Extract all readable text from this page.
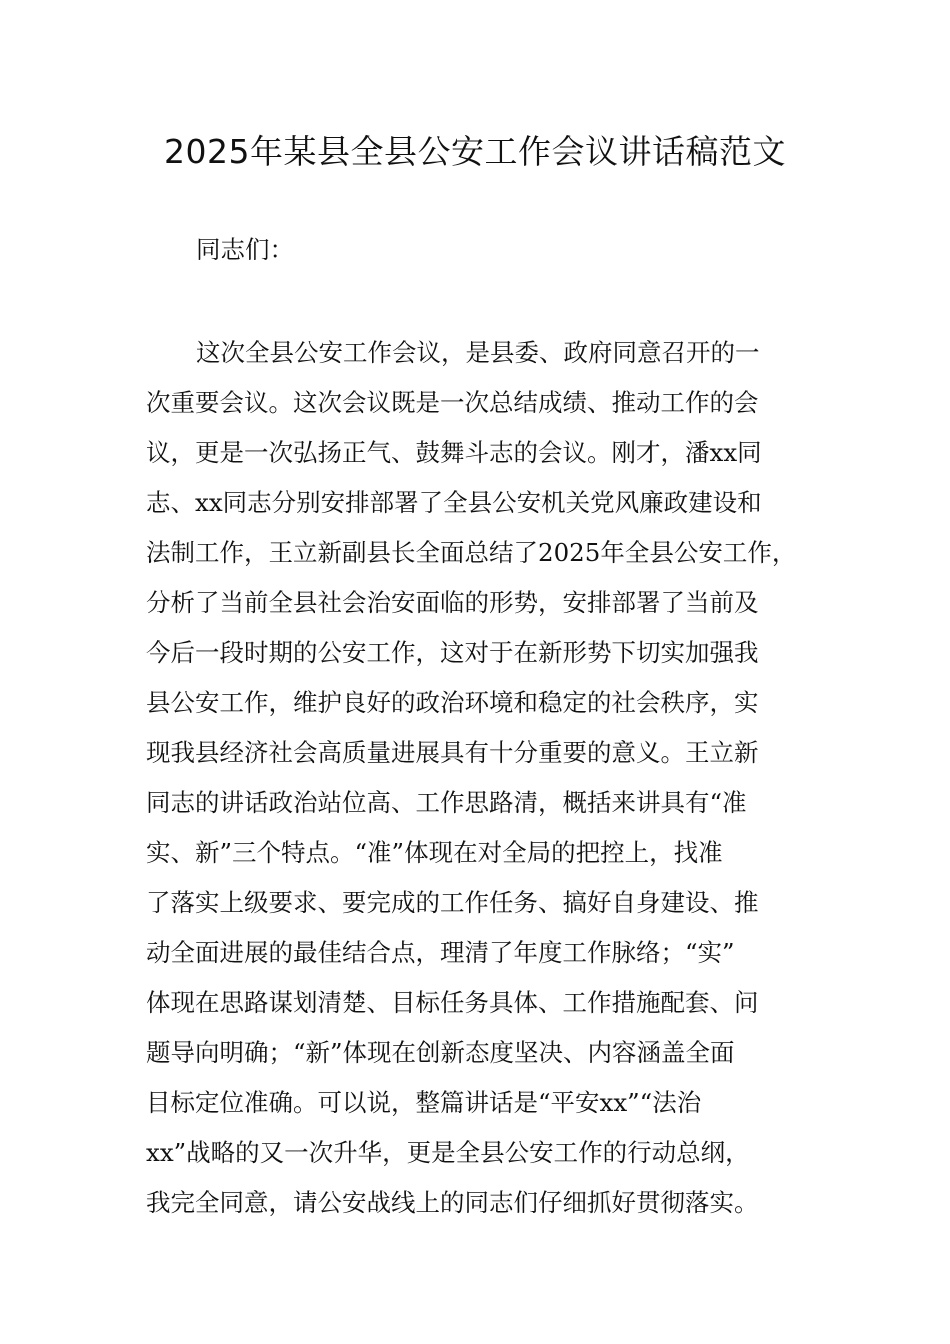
2025年某县全县公安工作会议讲话稿范文

同志们：

这次全县公安工作会议，是县委、政府同意召开的一
次重要会议。这次会议既是一次总结成绩、推动工作的会
议，更是一次弘扬正气、鼓舞斗志的会议。刚才，潘xx同
志、xx同志分别安排部署了全县公安机关党风廉政建设和
法制工作，王立新副县长全面总结了2025年全县公安工作，
分析了当前全县社会治安面临的形势，安排部署了当前及
今后一段时期的公安工作，这对于在新形势下切实加强我
县公安工作，维护良好的政治环境和稳定的社会秩序，实
现我县经济社会高质量进展具有十分重要的意义。王立新
同志的讲话政治站位高、工作思路清，概括来讲具有“准
实、新”三个特点。“准”体现在对全局的把控上，找准
了落实上级要求、要完成的工作任务、搞好自身建设、推
动全面进展的最佳结合点，理清了年度工作脉络；“实”
体现在思路谋划清楚、目标任务具体、工作措施配套、问
题导向明确；“新”体现在创新态度坚决、内容涵盖全面
目标定位准确。可以说，整篇讲话是“平安xx”“法治
xx”战略的又一次升华，更是全县公安工作的行动总纲，
我完全同意，请公安战线上的同志们仔细抓好贯彻落实。
